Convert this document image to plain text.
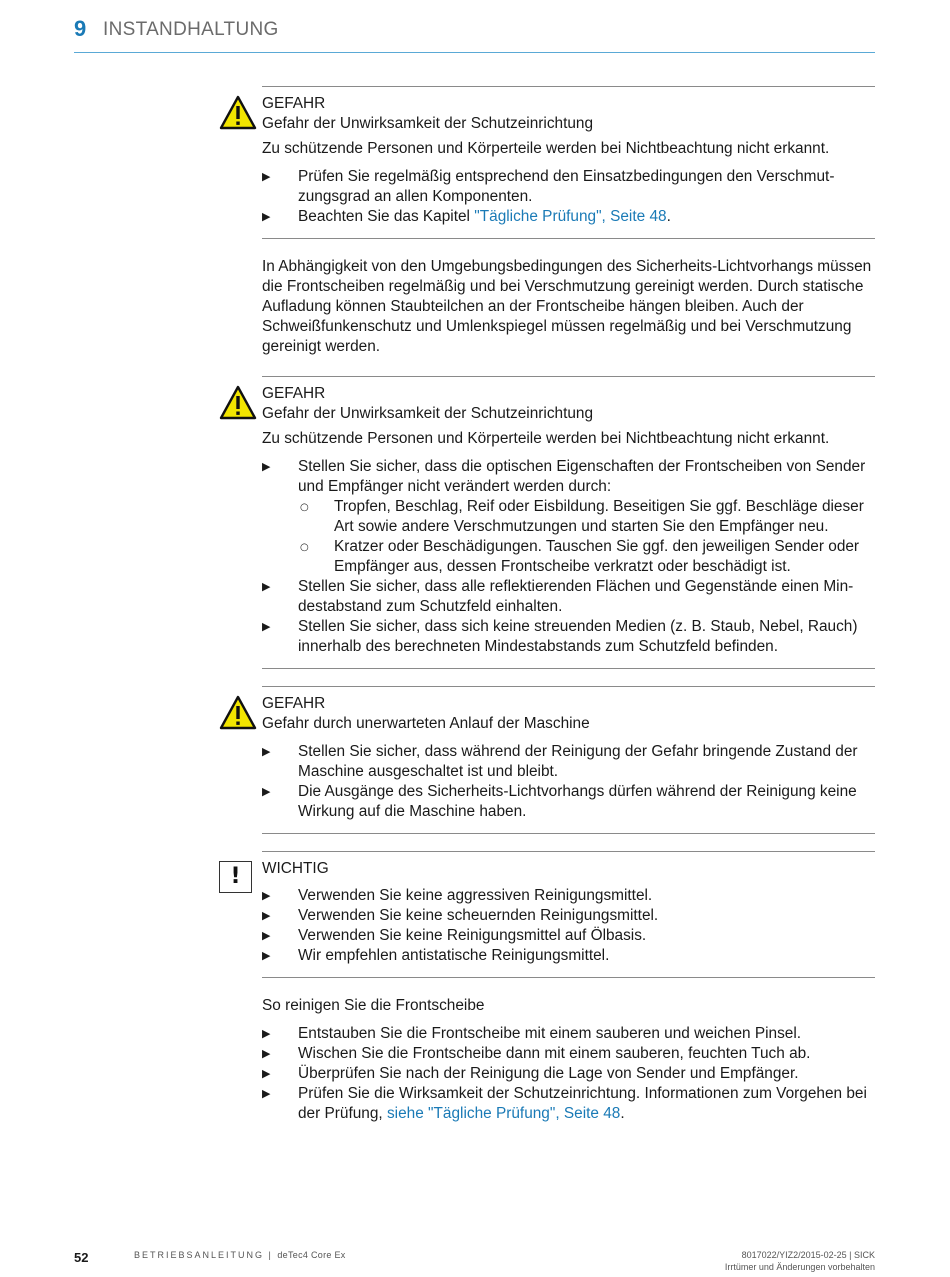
9 INSTANDHALTUNG
GEFAHR
Gefahr der Unwirksamkeit der Schutzeinrichtung
Zu schützende Personen und Körperteile werden bei Nichtbeachtung nicht erkannt.
▶ Prüfen Sie regelmäßig entsprechend den Einsatzbedingungen den Verschmutzungsgrad an allen Komponenten.
▶ Beachten Sie das Kapitel "Tägliche Prüfung", Seite 48.
In Abhängigkeit von den Umgebungsbedingungen des Sicherheits-Lichtvorhangs müssen die Frontscheiben regelmäßig und bei Verschmutzung gereinigt werden. Durch statische Aufladung können Staubteilchen an der Frontscheibe hängen bleiben. Auch der Schweißfunkenschutz und Umlenkspiegel müssen regelmäßig und bei Verschmutzung gereinigt werden.
GEFAHR
Gefahr der Unwirksamkeit der Schutzeinrichtung
Zu schützende Personen und Körperteile werden bei Nichtbeachtung nicht erkannt.
▶ Stellen Sie sicher, dass die optischen Eigenschaften der Frontscheiben von Sender und Empfänger nicht verändert werden durch:
○ Tropfen, Beschlag, Reif oder Eisbildung. Beseitigen Sie ggf. Beschläge dieser Art sowie andere Verschmutzungen und starten Sie den Empfänger neu.
○ Kratzer oder Beschädigungen. Tauschen Sie ggf. den jeweiligen Sender oder Empfänger aus, dessen Frontscheibe verkratzt oder beschädigt ist.
▶ Stellen Sie sicher, dass alle reflektierenden Flächen und Gegenstände einen Mindestabstand zum Schutzfeld einhalten.
▶ Stellen Sie sicher, dass sich keine streuenden Medien (z. B. Staub, Nebel, Rauch) innerhalb des berechneten Mindestabstands zum Schutzfeld befinden.
GEFAHR
Gefahr durch unerwarteten Anlauf der Maschine
▶ Stellen Sie sicher, dass während der Reinigung der Gefahr bringende Zustand der Maschine ausgeschaltet ist und bleibt.
▶ Die Ausgänge des Sicherheits-Lichtvorhangs dürfen während der Reinigung keine Wirkung auf die Maschine haben.
!	WICHTIG
▶ Verwenden Sie keine aggressiven Reinigungsmittel.
▶ Verwenden Sie keine scheuernden Reinigungsmittel.
▶ Verwenden Sie keine Reinigungsmittel auf Ölbasis.
▶ Wir empfehlen antistatische Reinigungsmittel.
So reinigen Sie die Frontscheibe
▶ Entstauben Sie die Frontscheibe mit einem sauberen und weichen Pinsel.
▶ Wischen Sie die Frontscheibe dann mit einem sauberen, feuchten Tuch ab.
▶ Überprüfen Sie nach der Reinigung die Lage von Sender und Empfänger.
▶ Prüfen Sie die Wirksamkeit der Schutzeinrichtung. Informationen zum Vorgehen bei der Prüfung, siehe "Tägliche Prüfung", Seite 48.
52	BETRIEBSANLEITUNG | deTec4 Core Ex	8017022/YIZ2/2015-02-25 | SICK
Irrtümer und Änderungen vorbehalten
